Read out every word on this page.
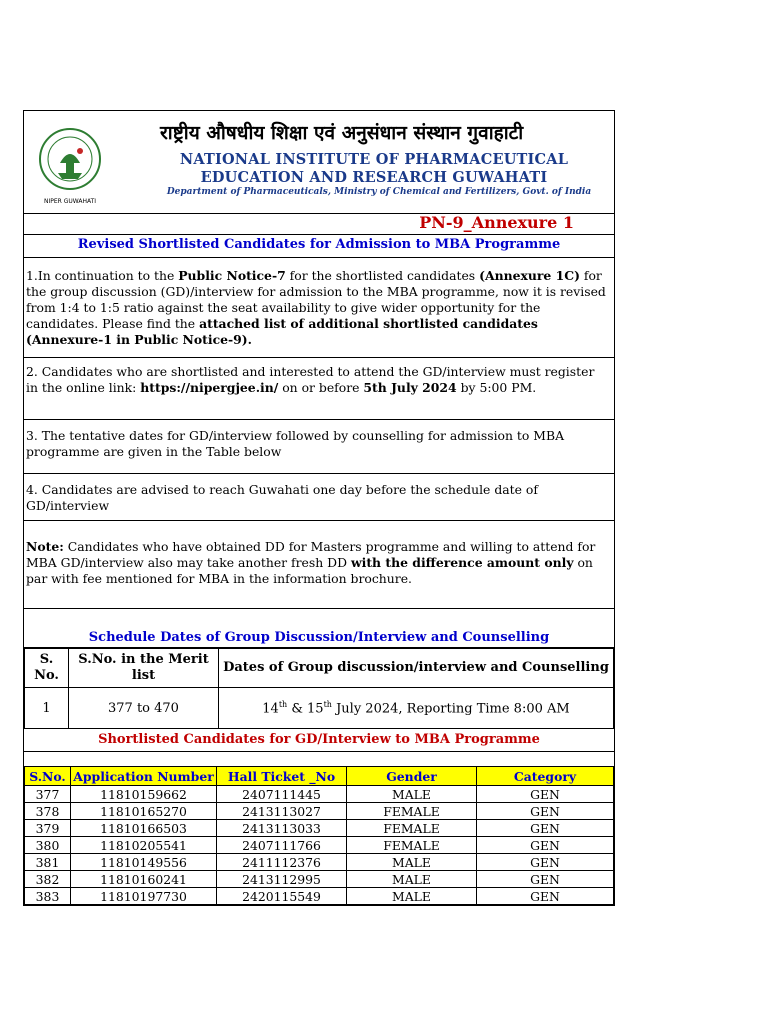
NIPER GUWAHATI
राष्ट्रीय औषधीय शिक्षा एवं अनुसंधान संस्थान गुवाहाटी
NATIONAL INSTITUTE OF PHARMACEUTICAL
EDUCATION AND RESEARCH GUWAHATI
Department of Pharmaceuticals, Ministry of Chemical and Fertilizers, Govt. of India
PN-9_Annexure 1
Revised Shortlisted Candidates for Admission to MBA Programme
1.In continuation to the Public Notice-7 for the shortlisted candidates (Annexure 1C) for the group discussion (GD)/interview for admission to the MBA programme, now it is revised from 1:4 to 1:5 ratio against the seat availability to give wider opportunity for the candidates. Please find the attached list of additional shortlisted candidates (Annexure-1 in Public Notice-9).
2. Candidates who are shortlisted and interested to attend the GD/interview must register in the online link: https://nipergjee.in/ on or before 5th July 2024 by 5:00 PM.
3. The tentative dates for GD/interview followed by counselling for admission to MBA programme are given in the Table below
4. Candidates are advised to reach Guwahati one day before the schedule date of GD/interview
Note: Candidates who have obtained DD for Masters programme and willing to attend for MBA GD/interview also may take another fresh DD with the difference amount only on par with fee mentioned for MBA in the information brochure.
Schedule Dates of Group Discussion/Interview and Counselling
S. No.	S.No. in the Merit list	Dates of Group discussion/interview and Counselling
1	377 to 470	14th & 15th July 2024, Reporting Time 8:00 AM
Shortlisted Candidates for GD/Interview to MBA Programme
S.No.	Application Number	Hall Ticket _No	Gender	Category
377	11810159662	2407111445	MALE	GEN
378	11810165270	2413113027	FEMALE	GEN
379	11810166503	2413113033	FEMALE	GEN
380	11810205541	2407111766	FEMALE	GEN
381	11810149556	2411112376	MALE	GEN
382	11810160241	2413112995	MALE	GEN
383	11810197730	2420115549	MALE	GEN
